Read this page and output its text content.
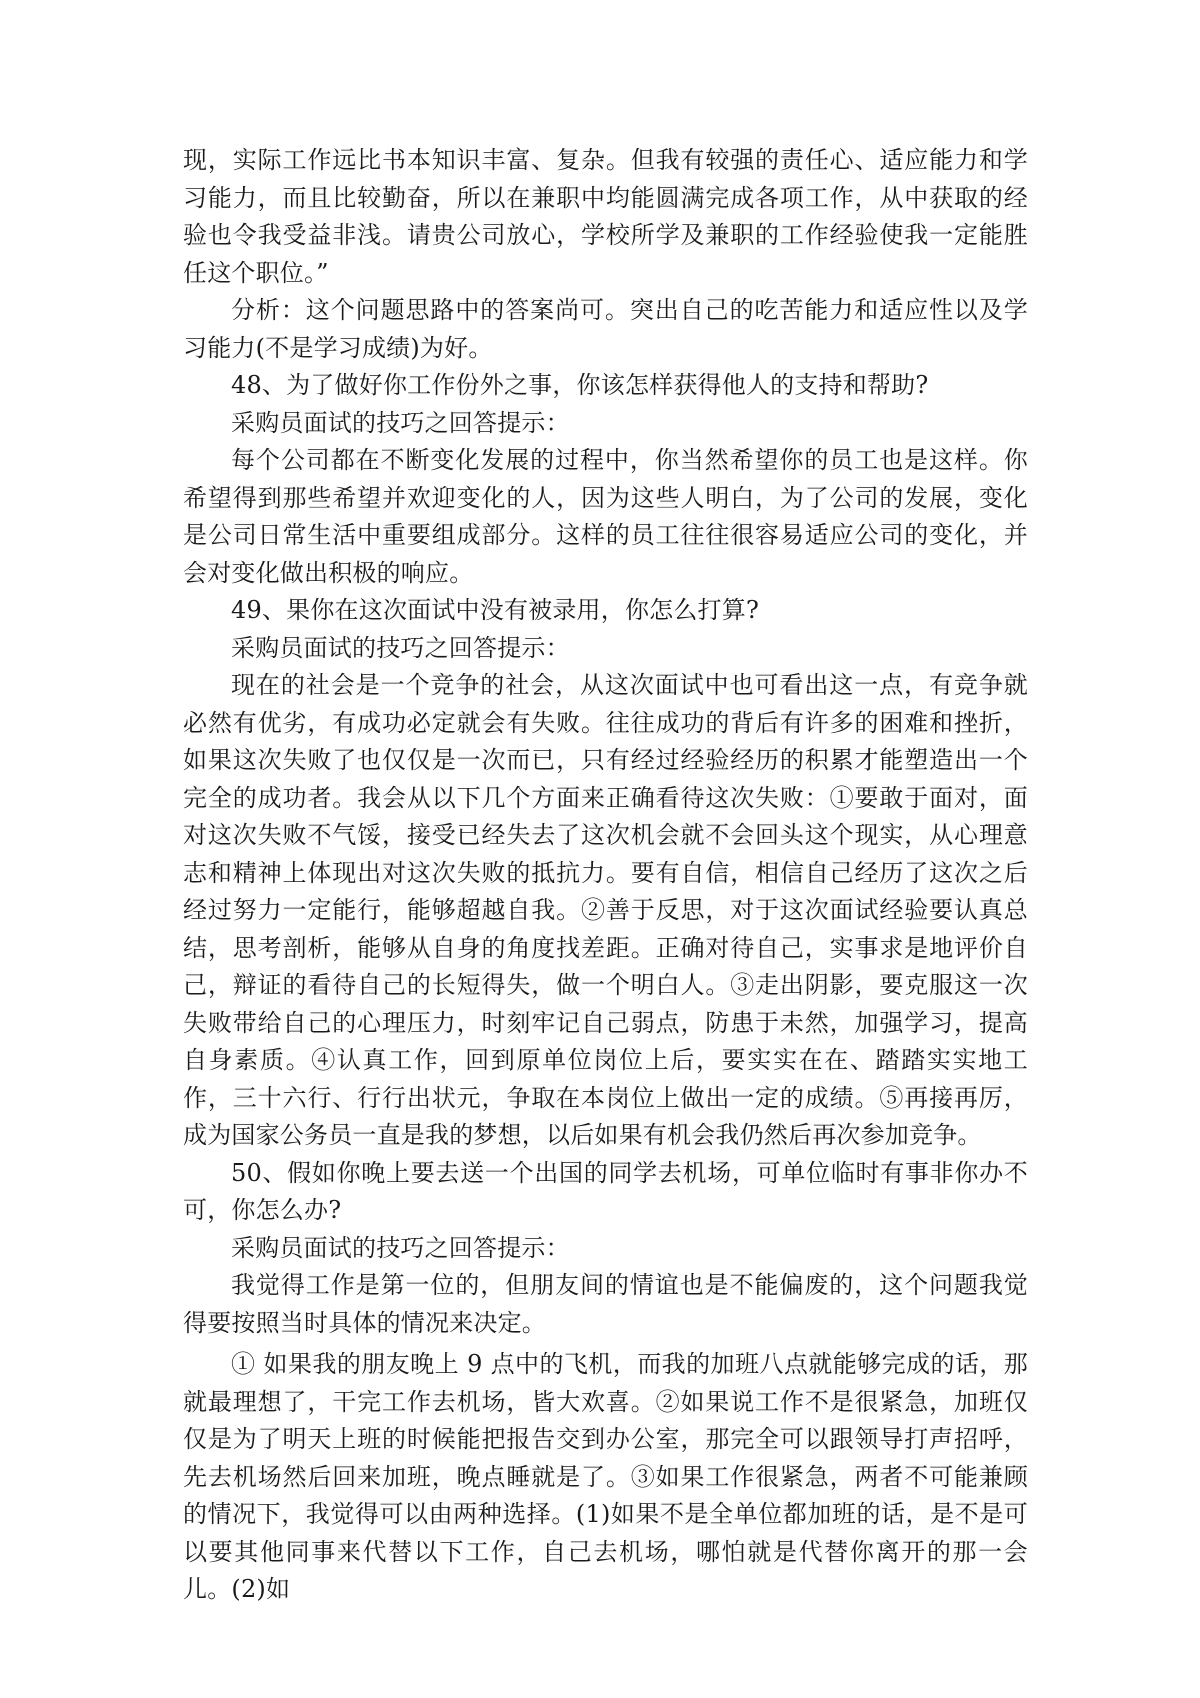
现，实际工作远比书本知识丰富、复杂。但我有较强的责任心、适应能力和学习能力，而且比较勤奋，所以在兼职中均能圆满完成各项工作，从中获取的经验也令我受益非浅。请贵公司放心，学校所学及兼职的工作经验使我一定能胜任这个职位。”

分析：这个问题思路中的答案尚可。突出自己的吃苦能力和适应性以及学习能力(不是学习成绩)为好。

48、为了做好你工作份外之事，你该怎样获得他人的支持和帮助?

采购员面试的技巧之回答提示：

每个公司都在不断变化发展的过程中，你当然希望你的员工也是这样。你希望得到那些希望并欢迎变化的人，因为这些人明白，为了公司的发展，变化是公司日常生活中重要组成部分。这样的员工往往很容易适应公司的变化，并会对变化做出积极的响应。

49、果你在这次面试中没有被录用，你怎么打算?

采购员面试的技巧之回答提示：

现在的社会是一个竞争的社会，从这次面试中也可看出这一点，有竞争就必然有优劣，有成功必定就会有失败。往往成功的背后有许多的困难和挫折，如果这次失败了也仅仅是一次而已，只有经过经验经历的积累才能塑造出一个完全的成功者。我会从以下几个方面来正确看待这次失败：①要敢于面对，面对这次失败不气馁，接受已经失去了这次机会就不会回头这个现实，从心理意志和精神上体现出对这次失败的抵抗力。要有自信，相信自己经历了这次之后经过努力一定能行，能够超越自我。②善于反思，对于这次面试经验要认真总结，思考剖析，能够从自身的角度找差距。正确对待自己，实事求是地评价自己，辩证的看待自己的长短得失，做一个明白人。③走出阴影，要克服这一次失败带给自己的心理压力，时刻牢记自己弱点，防患于未然，加强学习，提高自身素质。④认真工作，回到原单位岗位上后，要实实在在、踏踏实实地工作，三十六行、行行出状元，争取在本岗位上做出一定的成绩。⑤再接再厉，成为国家公务员一直是我的梦想，以后如果有机会我仍然后再次参加竞争。

50、假如你晚上要去送一个出国的同学去机场，可单位临时有事非你办不可，你怎么办?

采购员面试的技巧之回答提示：

我觉得工作是第一位的，但朋友间的情谊也是不能偏废的，这个问题我觉得要按照当时具体的情况来决定。

① 如果我的朋友晚上 9 点中的飞机，而我的加班八点就能够完成的话，那就最理想了，干完工作去机场，皆大欢喜。②如果说工作不是很紧急，加班仅仅是为了明天上班的时候能把报告交到办公室，那完全可以跟领导打声招呼，先去机场然后回来加班，晚点睡就是了。③如果工作很紧急，两者不可能兼顾的情况下，我觉得可以由两种选择。(1)如果不是全单位都加班的话，是不是可以要其他同事来代替以下工作，自己去机场，哪怕就是代替你离开的那一会儿。(2)如
